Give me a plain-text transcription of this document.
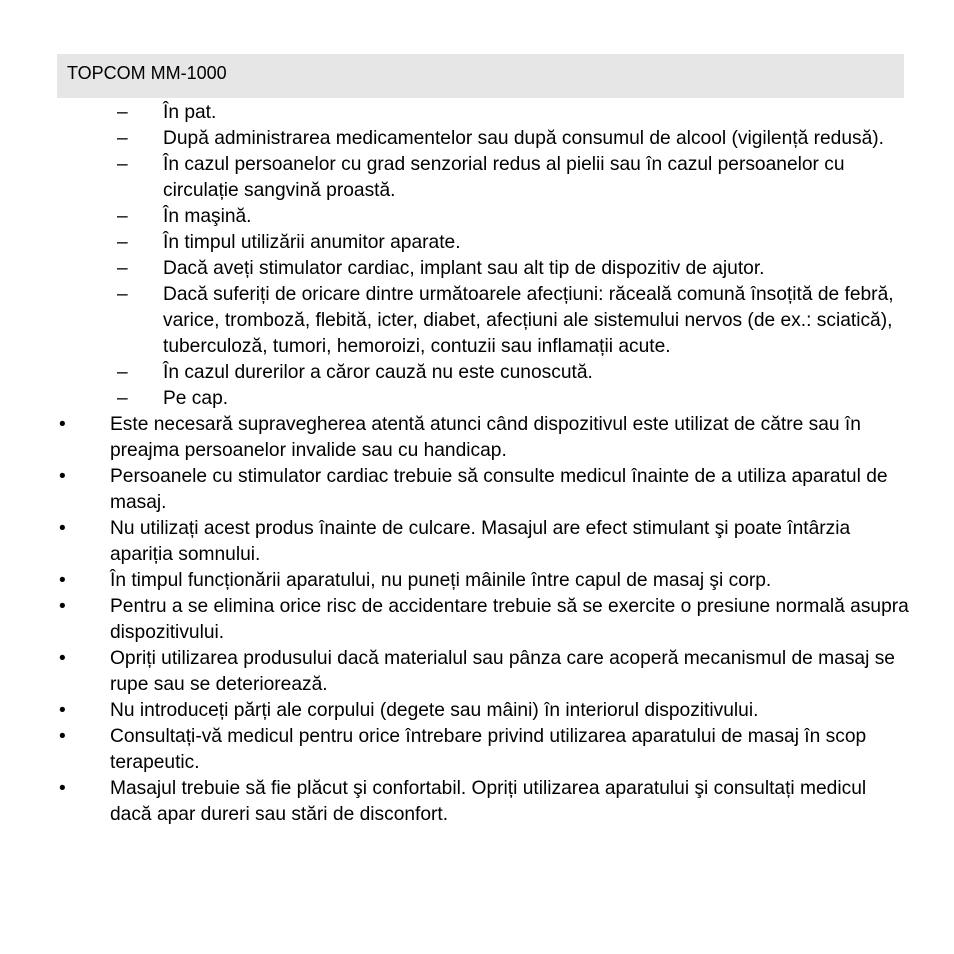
TOPCOM MM-1000
– În pat.
– După administrarea medicamentelor sau după consumul de alcool (vigilență redusă).
– În cazul persoanelor cu grad senzorial redus al pielii sau în cazul persoanelor cu circulație sangvină proastă.
– În maşină.
– În timpul utilizării anumitor aparate.
– Dacă aveți stimulator cardiac, implant sau alt tip de dispozitiv de ajutor.
– Dacă suferiți de oricare dintre următoarele afecțiuni: răceală comună însoțită de febră, varice, tromboză, flebită, icter, diabet, afecțiuni ale sistemului nervos (de ex.: sciatică), tuberculoză, tumori, hemoroizi, contuzii sau inflamații acute.
– În cazul durerilor a căror cauză nu este cunoscută.
– Pe cap.
• Este necesară supravegherea atentă atunci când dispozitivul este utilizat de către sau în preajma persoanelor invalide sau cu handicap.
• Persoanele cu stimulator cardiac trebuie să consulte medicul înainte de a utiliza aparatul de masaj.
• Nu utilizați acest produs înainte de culcare. Masajul are efect stimulant şi poate întârzia apariția somnului.
• În timpul funcționării aparatului, nu puneți mâinile între capul de masaj şi corp.
• Pentru a se elimina orice risc de accidentare trebuie să se exercite o presiune normală asupra dispozitivului.
• Opriți utilizarea produsului dacă materialul sau pânza care acoperă mecanismul de masaj se rupe sau se deteriorează.
• Nu introduceți părți ale corpului (degete sau mâini) în interiorul dispozitivului.
• Consultați-vă medicul pentru orice întrebare privind utilizarea aparatului de masaj în scop terapeutic.
• Masajul trebuie să fie plăcut şi confortabil. Opriți utilizarea aparatului şi consultați medicul dacă apar dureri sau stări de disconfort.
